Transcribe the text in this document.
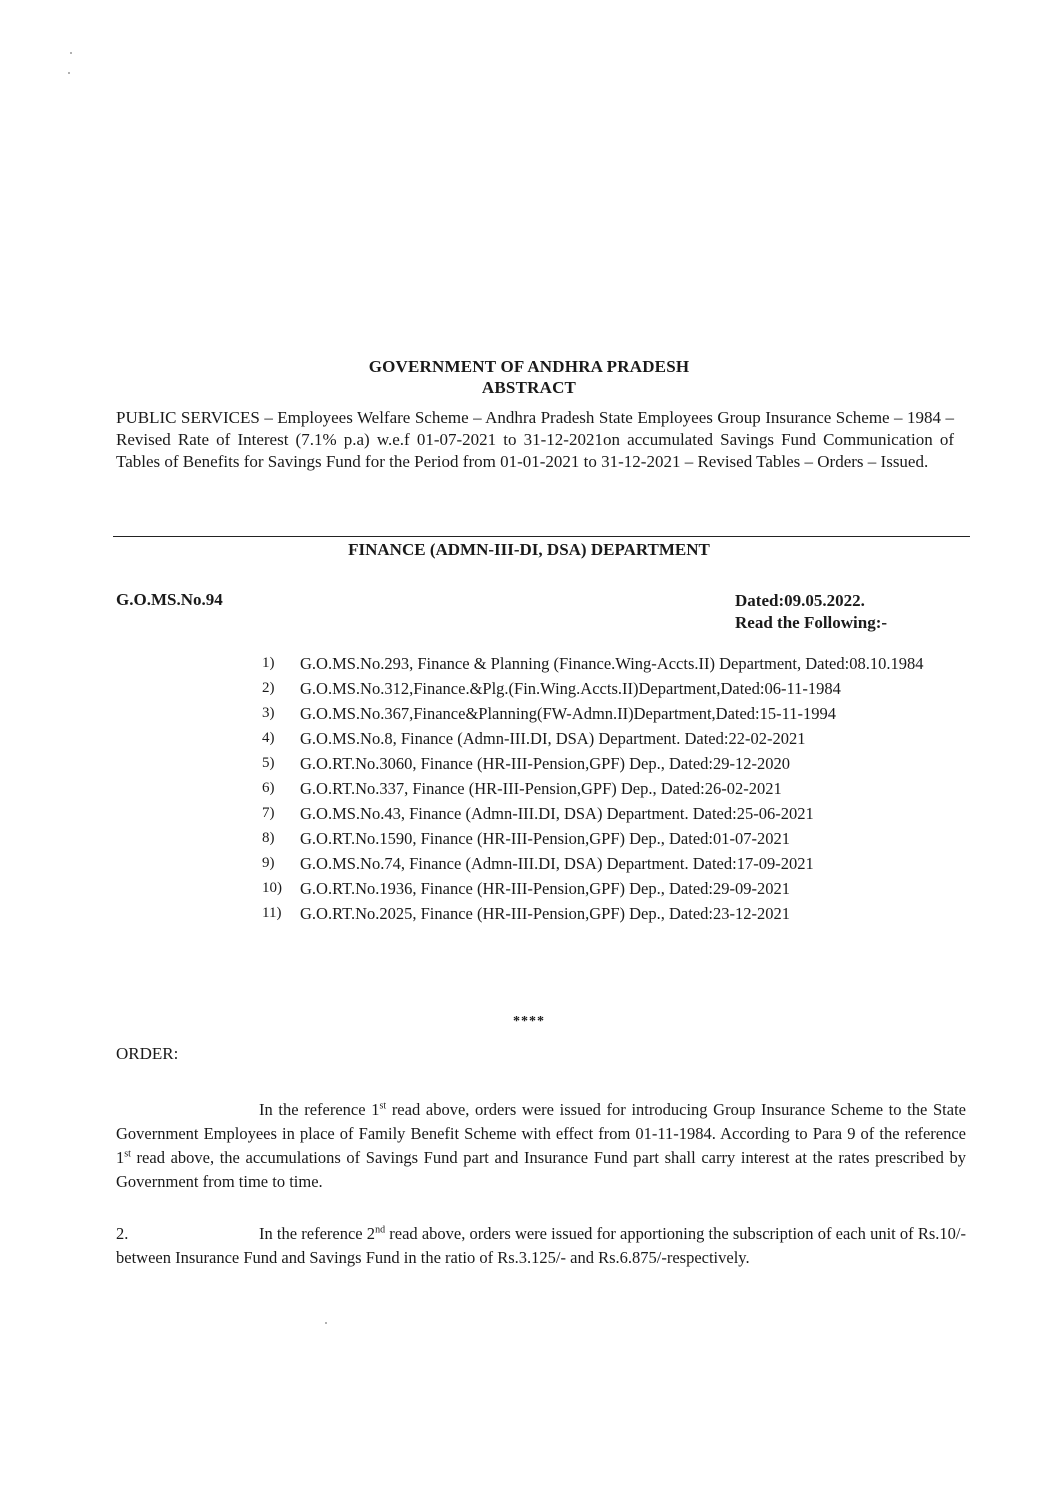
GOVERNMENT OF ANDHRA PRADESH
ABSTRACT
PUBLIC SERVICES – Employees Welfare Scheme – Andhra Pradesh State Employees Group Insurance Scheme – 1984 – Revised Rate of Interest (7.1% p.a) w.e.f 01-07-2021 to 31-12-2021on accumulated Savings Fund Communication of Tables of Benefits for Savings Fund for the Period from 01-01-2021 to 31-12-2021 – Revised Tables – Orders – Issued.
FINANCE (ADMN-III-DI, DSA) DEPARTMENT
G.O.MS.No.94	Dated:09.05.2022.
Read the Following:-
1) G.O.MS.No.293, Finance & Planning (Finance.Wing-Accts.II) Department, Dated:08.10.1984
2) G.O.MS.No.312,Finance.&Plg.(Fin.Wing.Accts.II)Department,Dated:06-11-1984
3) G.O.MS.No.367,Finance&Planning(FW-Admn.II)Department,Dated:15-11-1994
4) G.O.MS.No.8, Finance (Admn-III.DI, DSA) Department. Dated:22-02-2021
5) G.O.RT.No.3060, Finance (HR-III-Pension,GPF) Dep., Dated:29-12-2020
6) G.O.RT.No.337, Finance (HR-III-Pension,GPF) Dep., Dated:26-02-2021
7) G.O.MS.No.43, Finance (Admn-III.DI, DSA) Department. Dated:25-06-2021
8) G.O.RT.No.1590, Finance (HR-III-Pension,GPF) Dep., Dated:01-07-2021
9) G.O.MS.No.74, Finance (Admn-III.DI, DSA) Department. Dated:17-09-2021
10) G.O.RT.No.1936, Finance (HR-III-Pension,GPF) Dep., Dated:29-09-2021
11) G.O.RT.No.2025, Finance (HR-III-Pension,GPF) Dep., Dated:23-12-2021
****
ORDER:
In the reference 1st read above, orders were issued for introducing Group Insurance Scheme to the State Government Employees in place of Family Benefit Scheme with effect from 01-11-1984. According to Para 9 of the reference 1st read above, the accumulations of Savings Fund part and Insurance Fund part shall carry interest at the rates prescribed by Government from time to time.
2.	In the reference 2nd read above, orders were issued for apportioning the subscription of each unit of Rs.10/- between Insurance Fund and Savings Fund in the ratio of Rs.3.125/- and Rs.6.875/-respectively.
